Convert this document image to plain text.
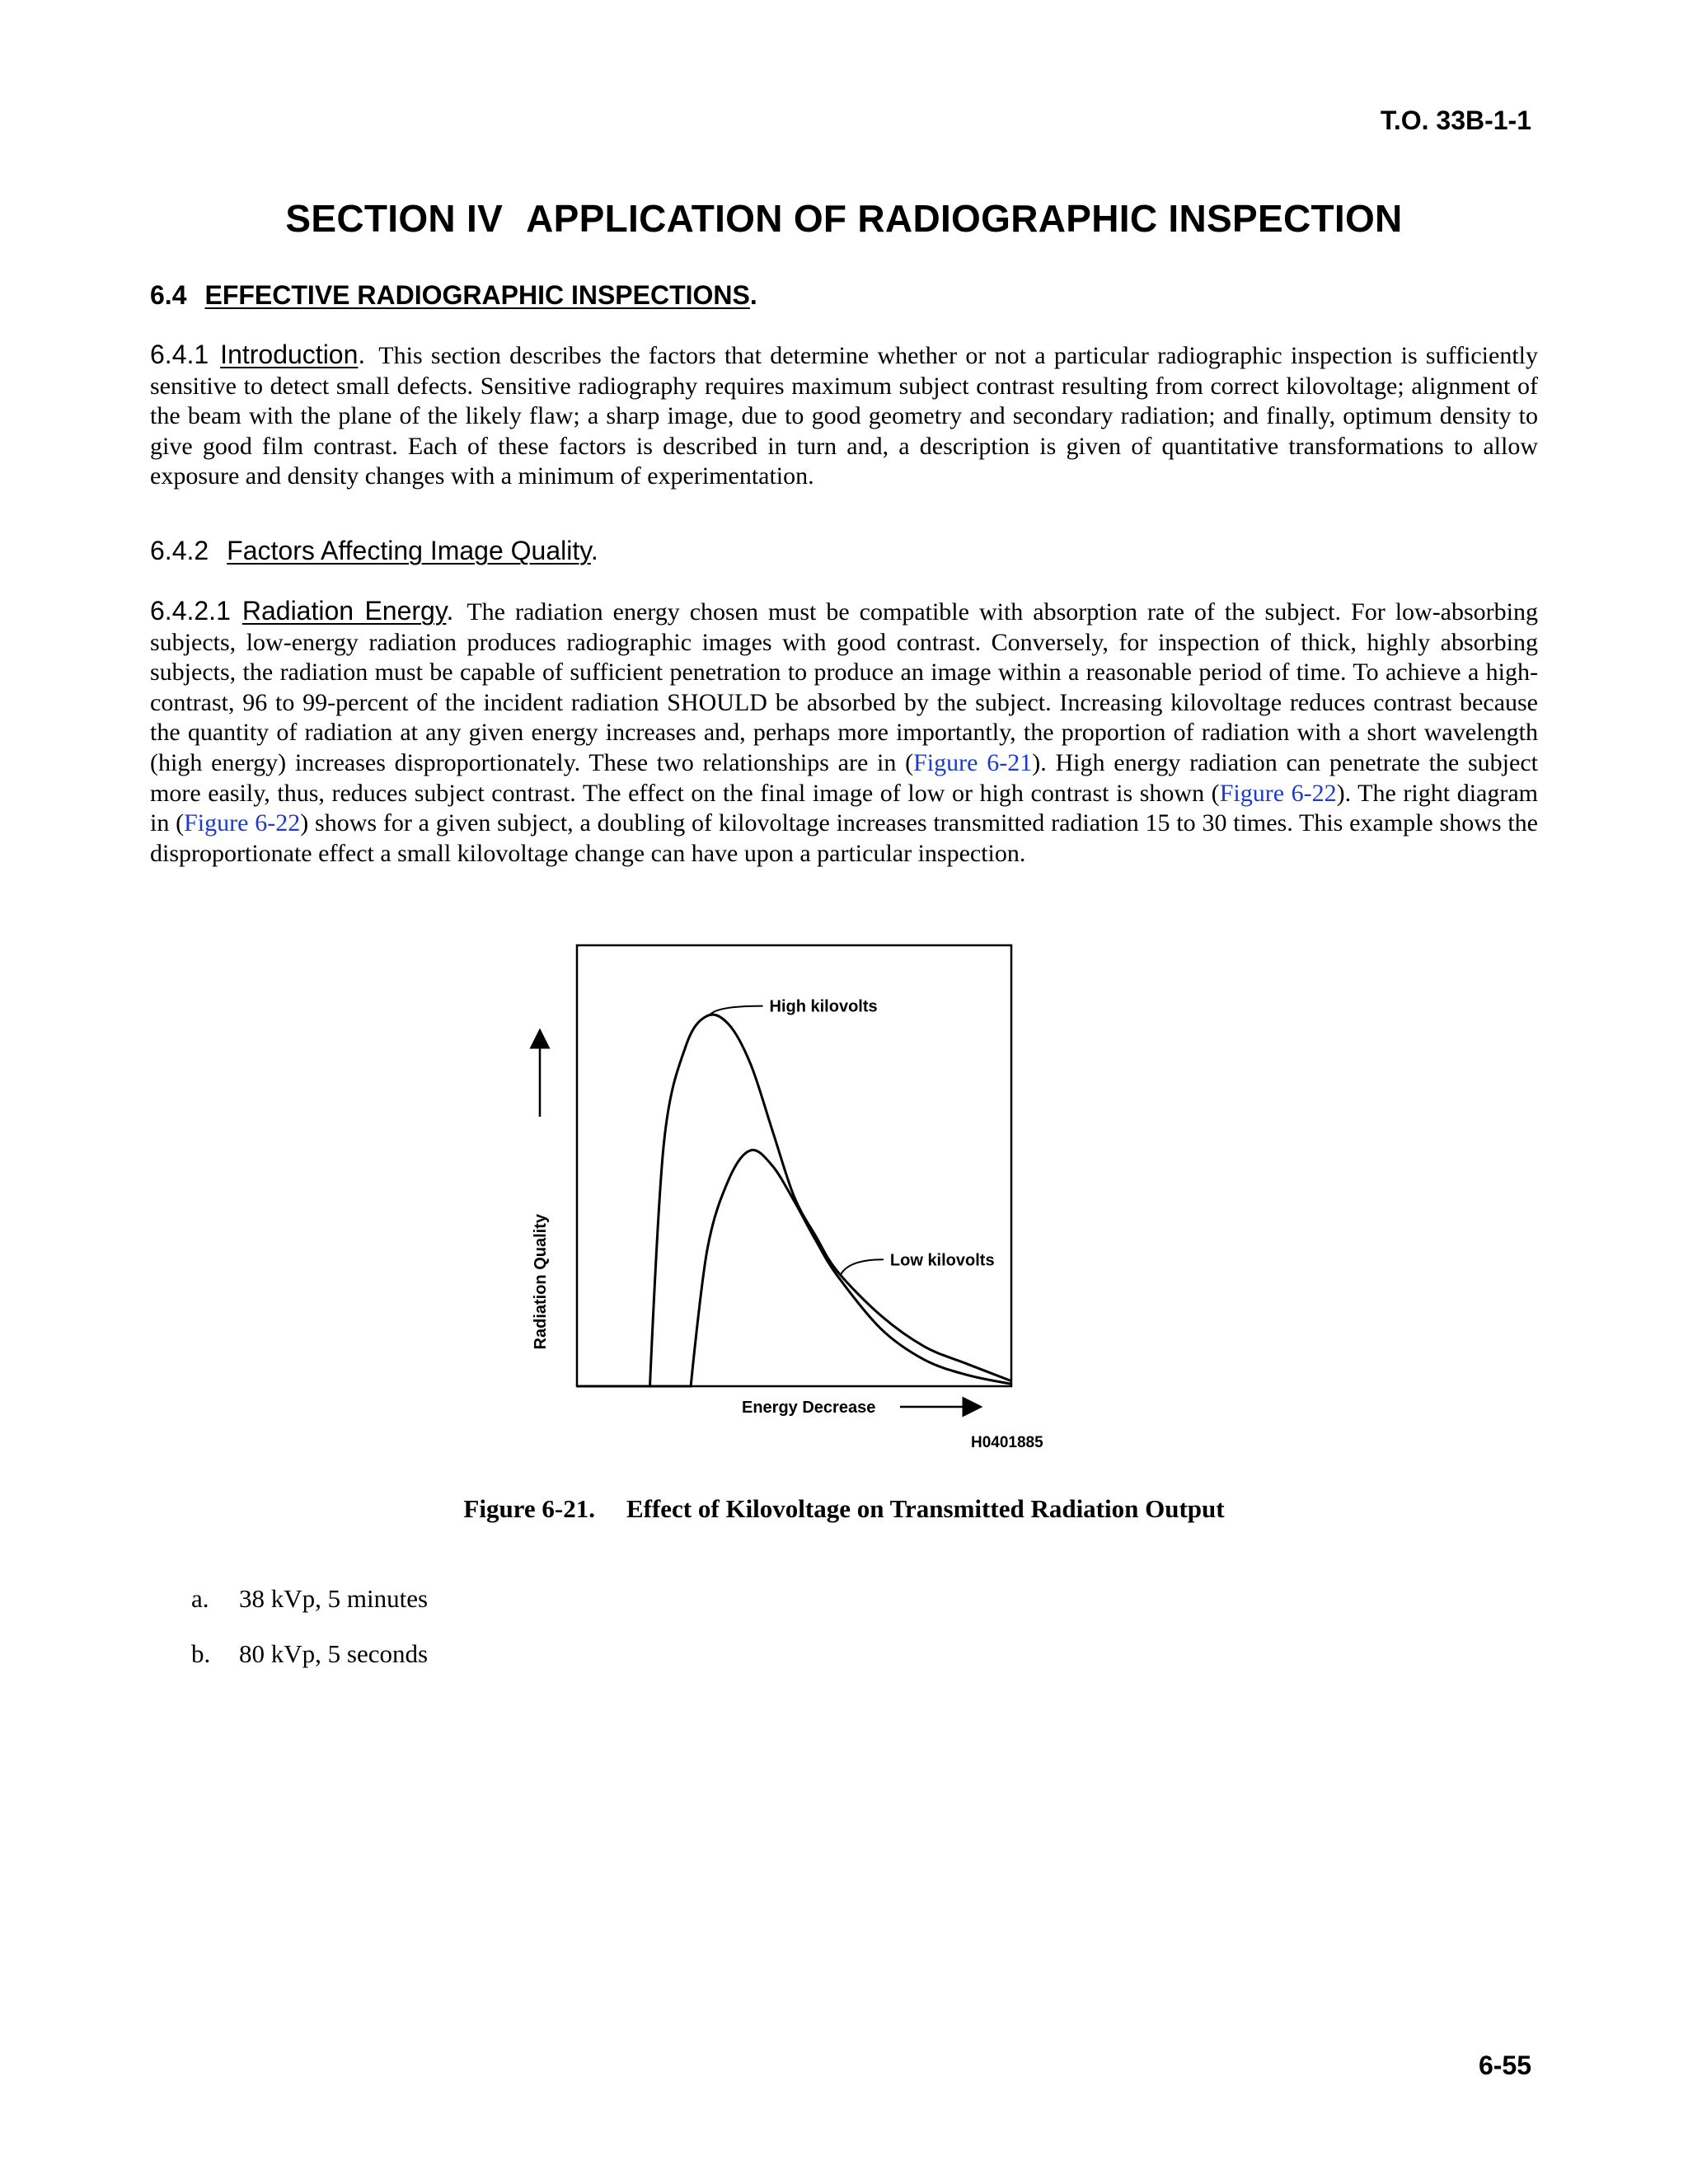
T.O. 33B-1-1
SECTION IV APPLICATION OF RADIOGRAPHIC INSPECTION
6.4 EFFECTIVE RADIOGRAPHIC INSPECTIONS.
6.4.1 Introduction. This section describes the factors that determine whether or not a particular radiographic inspection is sufficiently sensitive to detect small defects. Sensitive radiography requires maximum subject contrast resulting from correct kilovoltage; alignment of the beam with the plane of the likely flaw; a sharp image, due to good geometry and secondary radiation; and finally, optimum density to give good film contrast. Each of these factors is described in turn and, a description is given of quantitative transformations to allow exposure and density changes with a minimum of experimentation.
6.4.2 Factors Affecting Image Quality.
6.4.2.1 Radiation Energy. The radiation energy chosen must be compatible with absorption rate of the subject. For low-absorbing subjects, low-energy radiation produces radiographic images with good contrast. Conversely, for inspection of thick, highly absorbing subjects, the radiation must be capable of sufficient penetration to produce an image within a reasonable period of time. To achieve a high-contrast, 96 to 99-percent of the incident radiation SHOULD be absorbed by the subject. Increasing kilovoltage reduces contrast because the quantity of radiation at any given energy increases and, perhaps more importantly, the proportion of radiation with a short wavelength (high energy) increases disproportionately. These two relationships are in (Figure 6-21). High energy radiation can penetrate the subject more easily, thus, reduces subject contrast. The effect on the final image of low or high contrast is shown (Figure 6-22). The right diagram in (Figure 6-22) shows for a given subject, a doubling of kilovoltage increases transmitted radiation 15 to 30 times. This example shows the disproportionate effect a small kilovoltage change can have upon a particular inspection.
High kilovolts
Low kilovolts
Radiation Quality
Energy Decrease
H0401885
Figure 6-21. Effect of Kilovoltage on Transmitted Radiation Output
a. 38 kVp, 5 minutes
b. 80 kVp, 5 seconds
6-55
